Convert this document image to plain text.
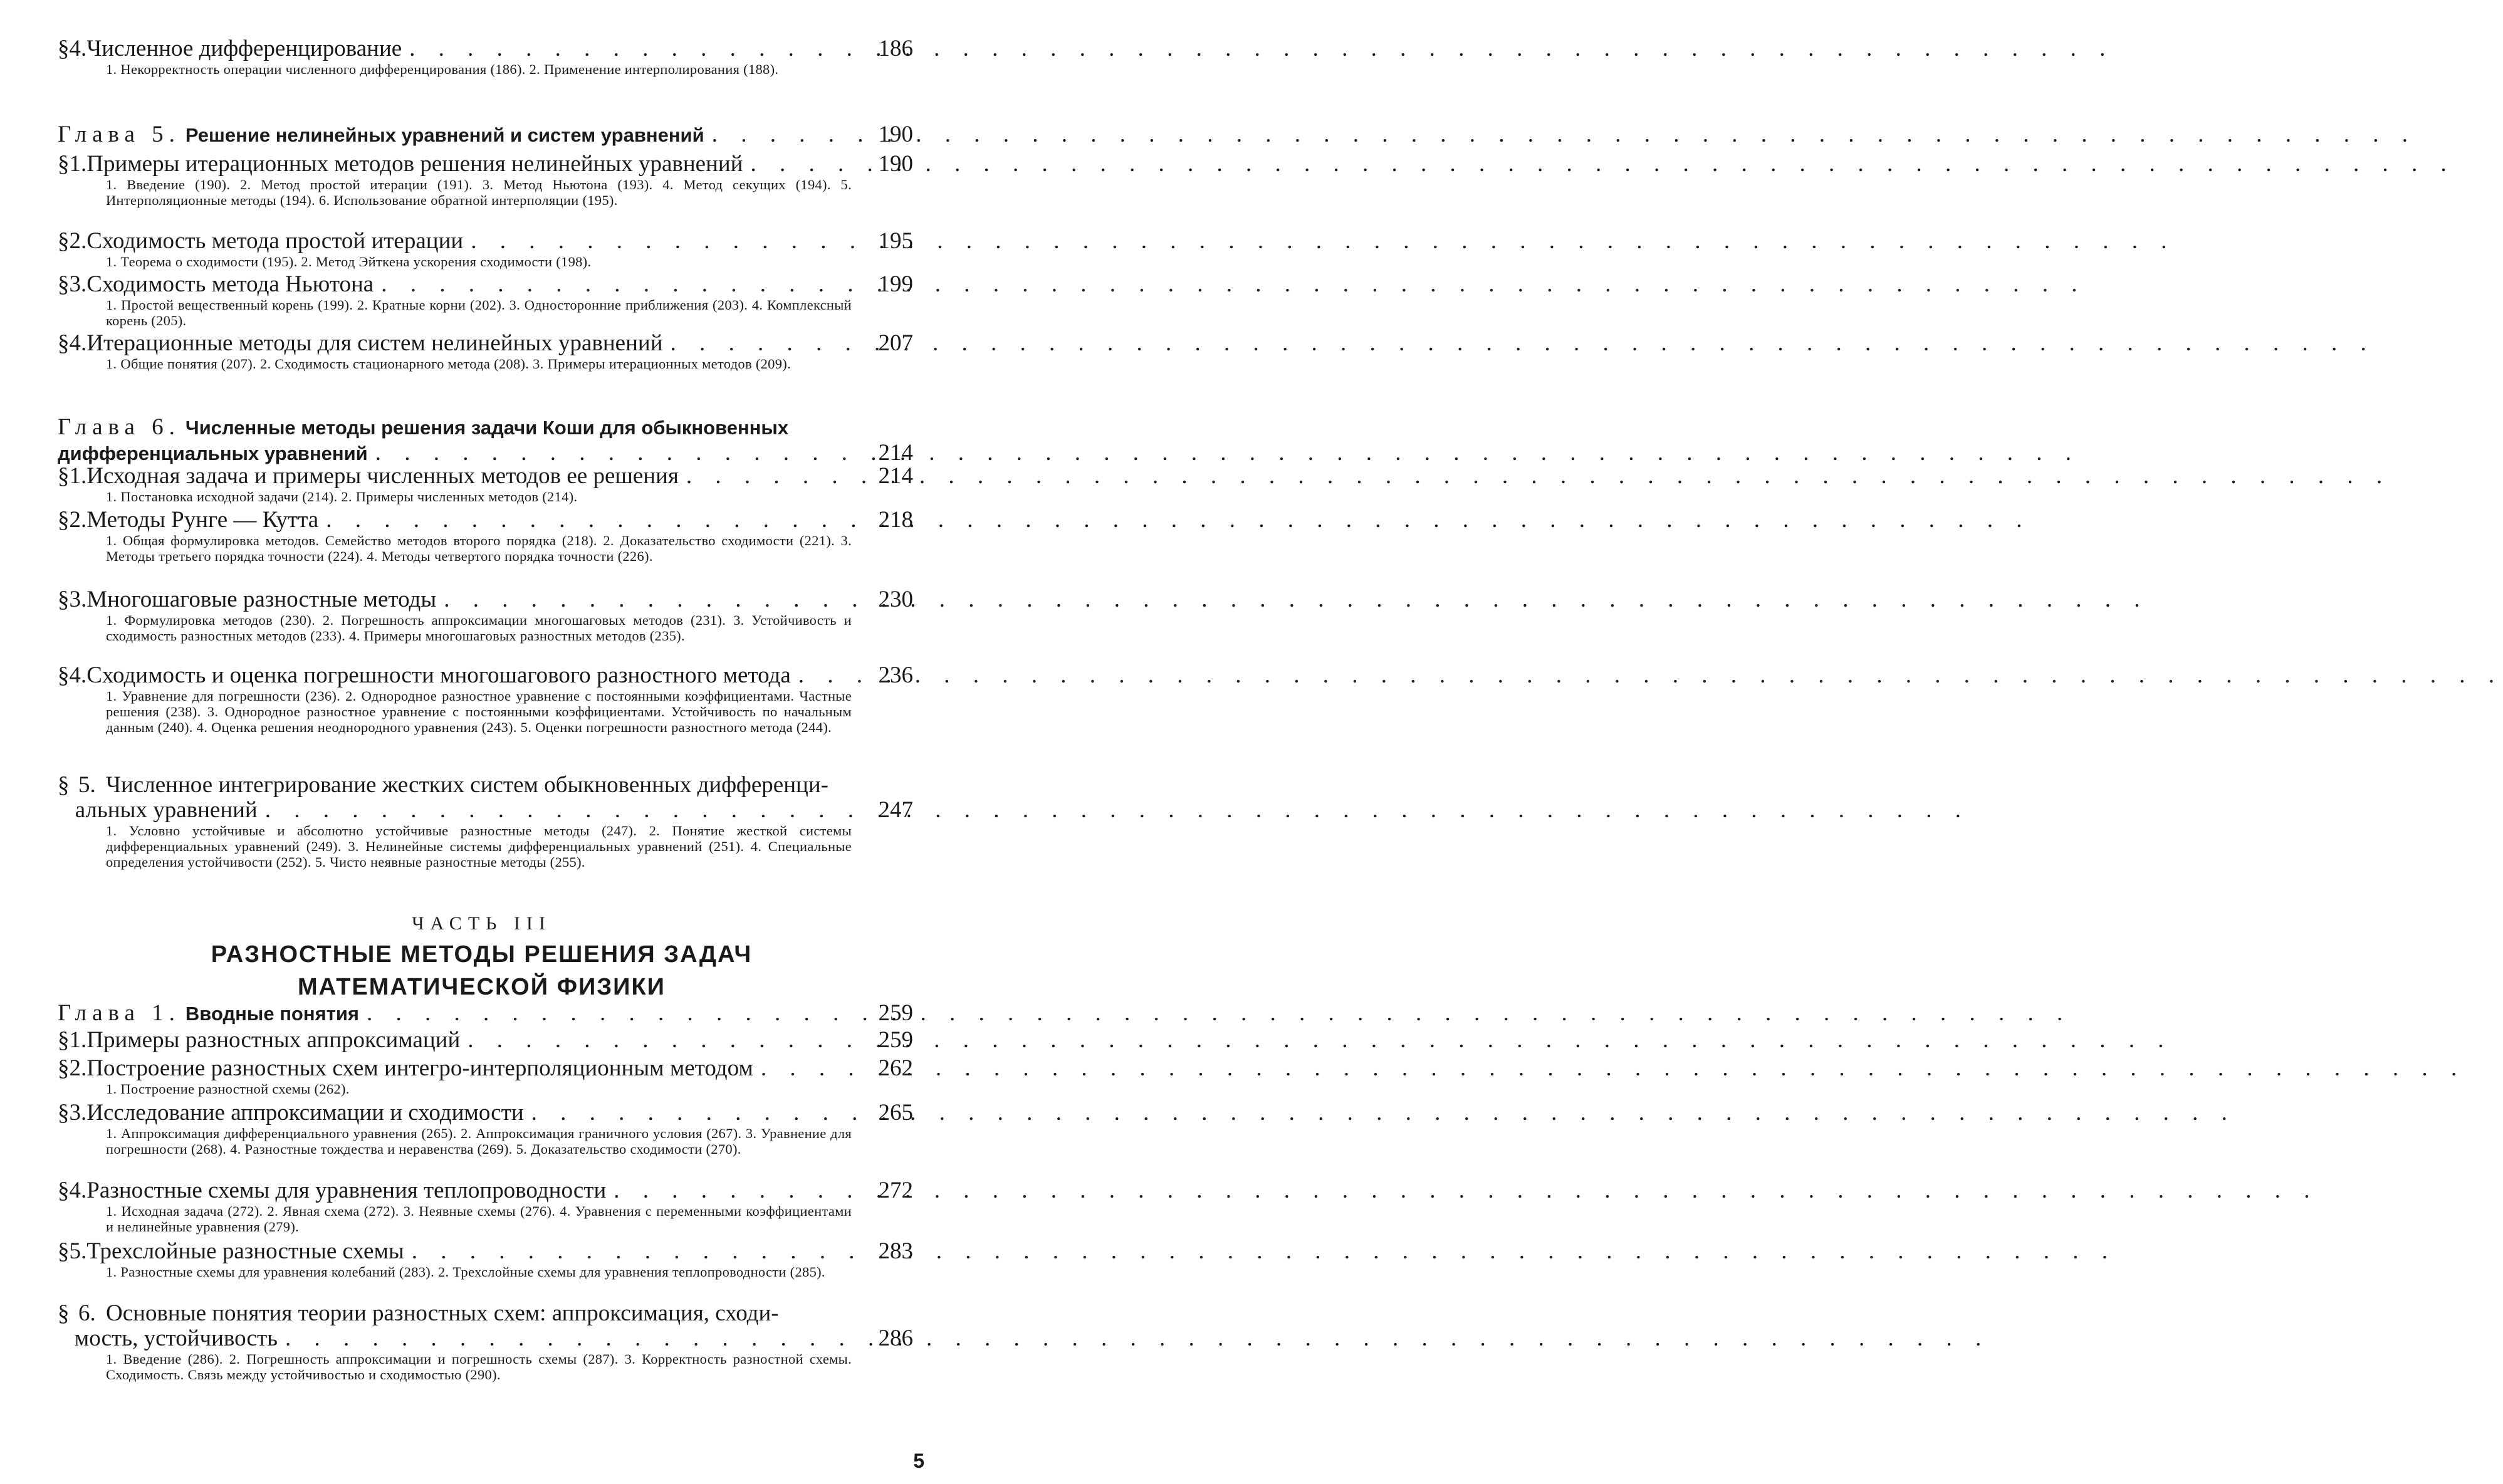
§ 4. Численное дифференцирование . . .	186
1. Некорректность операции численного дифференцирования (186). 2. Применение интерполирования (188).
Глава 5. Решение нелинейных уравнений и систем уравнений . . .	190
§ 1. Примеры итерационных методов решения нелинейных уравнений . . .	190
1. Введение (190). 2. Метод простой итерации (191). 3. Метод Ньютона (193). 4. Метод секущих (194). 5. Интерполяционные методы (194). 6. Использование обратной интерполяции (195).
§ 2. Сходимость метода простой итерации . . .	195
1. Теорема о сходимости (195). 2. Метод Эйткена ускорения сходимости (198).
§ 3. Сходимость метода Ньютона . . .	199
1. Простой вещественный корень (199). 2. Кратные корни (202). 3. Односторонние приближения (203). 4. Комплексный корень (205).
§ 4. Итерационные методы для систем нелинейных уравнений . . .	207
1. Общие понятия (207). 2. Сходимость стационарного метода (208). 3. Примеры итерационных методов (209).
Глава 6. Численные методы решения задачи Коши для обыкновенных
дифференциальных уравнений . . .	214
§ 1. Исходная задача и примеры численных методов ее решения . . .	214
1. Постановка исходной задачи (214). 2. Примеры численных методов (214).
§ 2. Методы Рунге — Кутта . . .	218
1. Общая формулировка методов. Семейство методов второго порядка (218). 2. Доказательство сходимости (221). 3. Методы третьего порядка точности (224). 4. Методы четвертого порядка точности (226).
§ 3. Многошаговые разностные методы . . .	230
1. Формулировка методов (230). 2. Погрешность аппроксимации многошаговых методов (231). 3. Устойчивость и сходимость разностных методов (233). 4. Примеры многошаговых разностных методов (235).
§ 4. Сходимость и оценка погрешности многошагового разностного метода . . .	236
1. Уравнение для погрешности (236). 2. Однородное разностное уравнение с постоянными коэффициентами. Частные решения (238). 3. Однородное разностное уравнение с постоянными коэффициентами. Устойчивость по начальным данным (240). 4. Оценка решения неоднородного уравнения (243). 5. Оценки погрешности разностного метода (244).
§ 5. Численное интегрирование жестких систем обыкновенных дифференци-
альных уравнений . . .	247
1. Условно устойчивые и абсолютно устойчивые разностные методы (247). 2. Понятие жесткой системы дифференциальных уравнений (249). 3. Нелинейные системы дифференциальных уравнений (251). 4. Специальные определения устойчивости (252). 5. Чисто неявные разностные методы (255).
ЧАСТЬ III
РАЗНОСТНЫЕ МЕТОДЫ РЕШЕНИЯ ЗАДАЧ
МАТЕМАТИЧЕСКОЙ ФИЗИКИ
Глава 1. Вводные понятия . . .	259
§ 1. Примеры разностных аппроксимаций . . .	259
§ 2. Построение разностных схем интегро-интерполяционным методом . . .	262
1. Построение разностной схемы (262).
§ 3. Исследование аппроксимации и сходимости . . .	265
1. Аппроксимация дифференциального уравнения (265). 2. Аппроксимация граничного условия (267). 3. Уравнение для погрешности (268). 4. Разностные тождества и неравенства (269). 5. Доказательство сходимости (270).
§ 4. Разностные схемы для уравнения теплопроводности . . .	272
1. Исходная задача (272). 2. Явная схема (272). 3. Неявные схемы (276). 4. Уравнения с переменными коэффициентами и нелинейные уравнения (279).
§ 5. Трехслойные разностные схемы . . .	283
1. Разностные схемы для уравнения колебаний (283). 2. Трехслойные схемы для уравнения теплопроводности (285).
§ 6. Основные понятия теории разностных схем: аппроксимация, сходи-
мость, устойчивость . . .	286
1. Введение (286). 2. Погрешность аппроксимации и погрешность схемы (287). 3. Корректность разностной схемы. Сходимость. Связь между устойчивостью и сходимостью (290).
5
